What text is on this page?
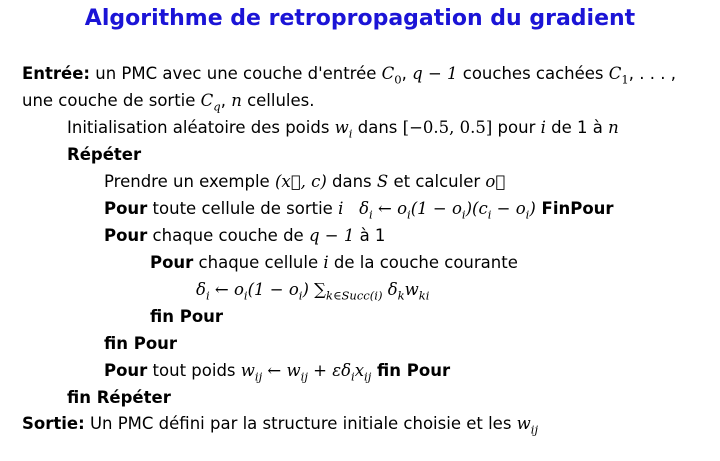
Algorithme de retropropagation du gradient
Entrée: un PMC avec une couche d'entrée $C_0$, q − 1 couches cachées $C_1$, . . . ,
une couche de sortie $C_q$, n cellules.
Initialisation aléatoire des poids $w_i$ dans [−0.5, 0.5] pour i de 1 à n
Répéter
Prendre un exemple (x⃗, c) dans S et calculer o⃗
Pour toute cellule de sortie i $\delta_i$ ← $o_i(1 - o_i)(c_i - o_i)$ FinPour
Pour chaque couche de q − 1 à 1
Pour chaque cellule i de la couche courante
$\delta_i$ ← $o_i(1 - o_i)$ $\sum_{k\in Succ(i)}$ $\delta_kw_{ki}$
fin Pour
fin Pour
Pour tout poids $w_{ij}$ ← $w_{ij} + \varepsilon\delta_ix_{ij}$ fin Pour
fin Répéter
Sortie: Un PMC défini par la structure initiale choisie et les $w_{ij}$
